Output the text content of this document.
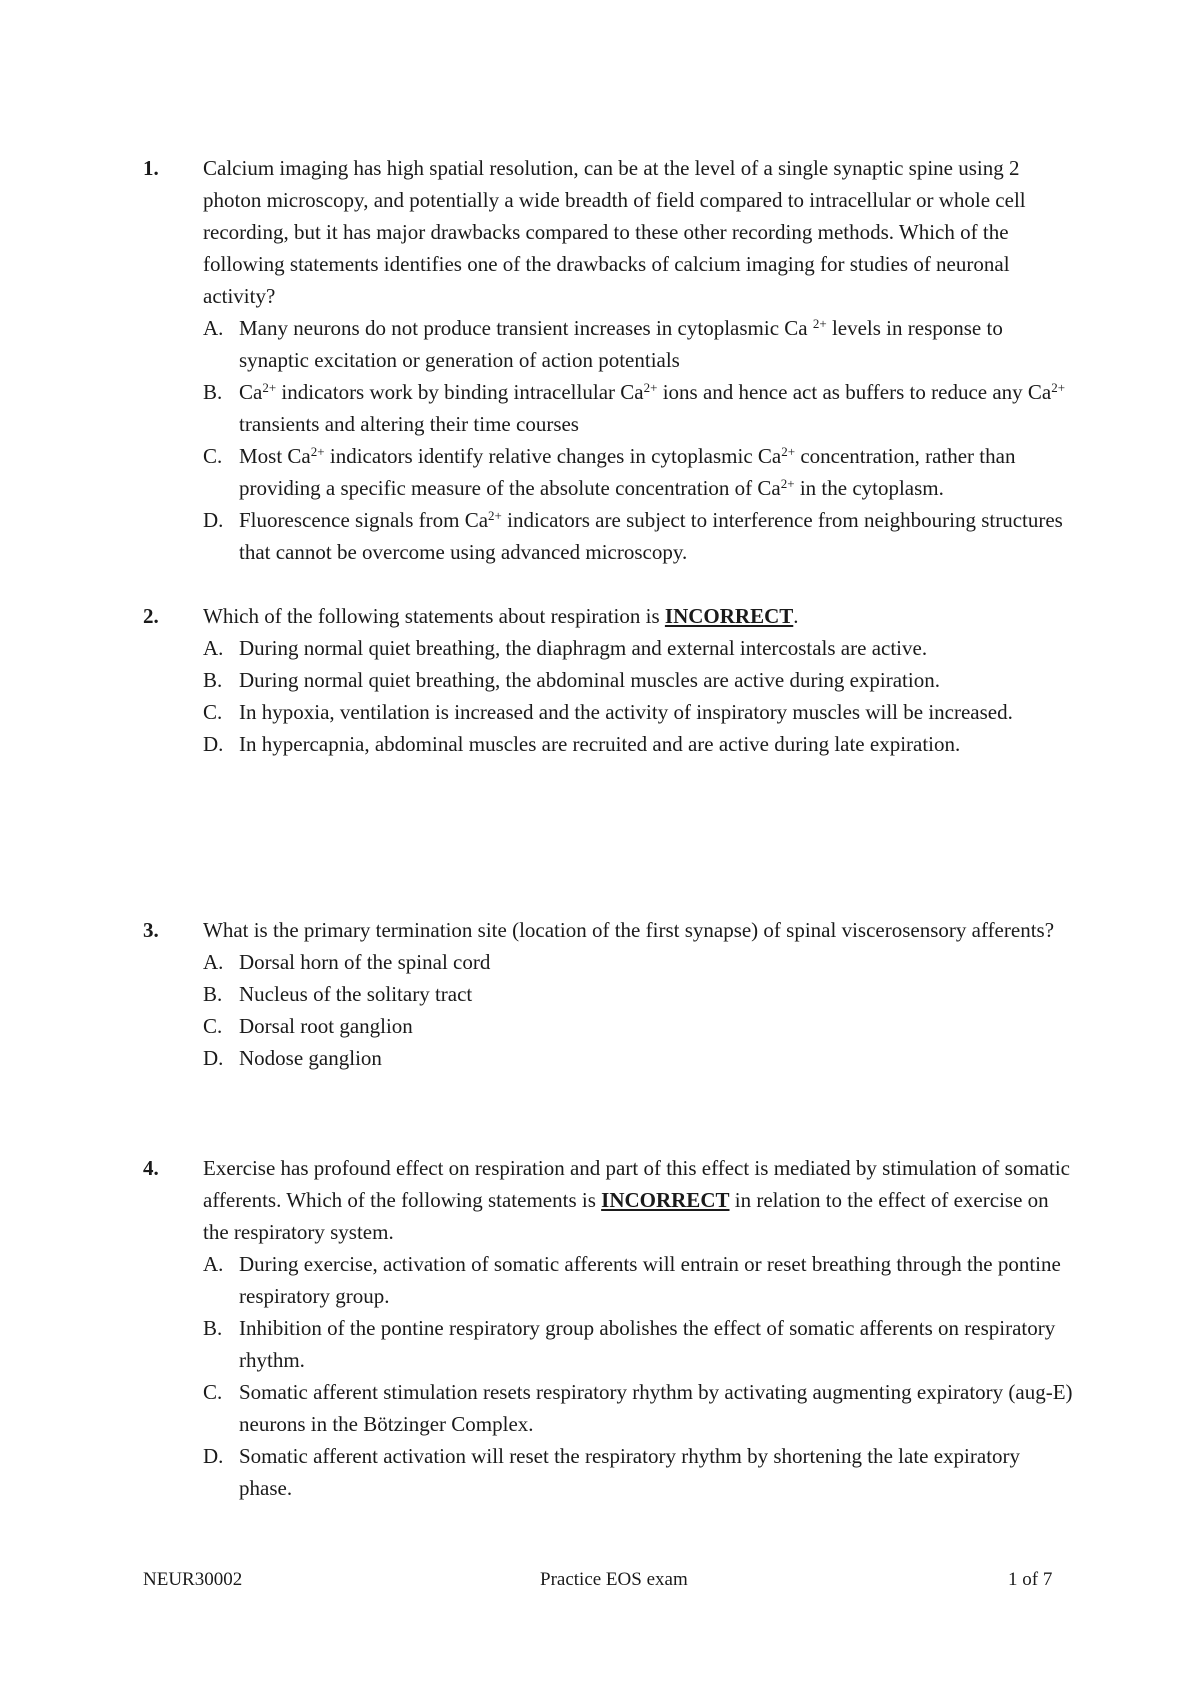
1. Calcium imaging has high spatial resolution, can be at the level of a single synaptic spine using 2 photon microscopy, and potentially a wide breadth of field compared to intracellular or whole cell recording, but it has major drawbacks compared to these other recording methods. Which of the following statements identifies one of the drawbacks of calcium imaging for studies of neuronal activity?
A. Many neurons do not produce transient increases in cytoplasmic Ca $^{2+}$ levels in response to synaptic excitation or generation of action potentials
B. $Ca^{2+}$ indicators work by binding intracellular $Ca^{2+}$ ions and hence act as buffers to reduce any $Ca^{2+}$ transients and altering their time courses
C. Most $Ca^{2+}$ indicators identify relative changes in cytoplasmic $Ca^{2+}$ concentration, rather than providing a specific measure of the absolute concentration of $Ca^{2+}$ in the cytoplasm.
D. Fluorescence signals from $Ca^{2+}$ indicators are subject to interference from neighbouring structures that cannot be overcome using advanced microscopy.
2. Which of the following statements about respiration is INCORRECT.
A. During normal quiet breathing, the diaphragm and external intercostals are active.
B. During normal quiet breathing, the abdominal muscles are active during expiration.
C. In hypoxia, ventilation is increased and the activity of inspiratory muscles will be increased.
D. In hypercapnia, abdominal muscles are recruited and are active during late expiration.
3. What is the primary termination site (location of the first synapse) of spinal viscerosensory afferents?
A. Dorsal horn of the spinal cord
B. Nucleus of the solitary tract
C. Dorsal root ganglion
D. Nodose ganglion
4. Exercise has profound effect on respiration and part of this effect is mediated by stimulation of somatic afferents. Which of the following statements is INCORRECT in relation to the effect of exercise on the respiratory system.
A. During exercise, activation of somatic afferents will entrain or reset breathing through the pontine respiratory group.
B. Inhibition of the pontine respiratory group abolishes the effect of somatic afferents on respiratory rhythm.
C. Somatic afferent stimulation resets respiratory rhythm by activating augmenting expiratory (aug-E) neurons in the Bötzinger Complex.
D. Somatic afferent activation will reset the respiratory rhythm by shortening the late expiratory phase.
NEUR30002	Practice EOS exam	1 of 7
